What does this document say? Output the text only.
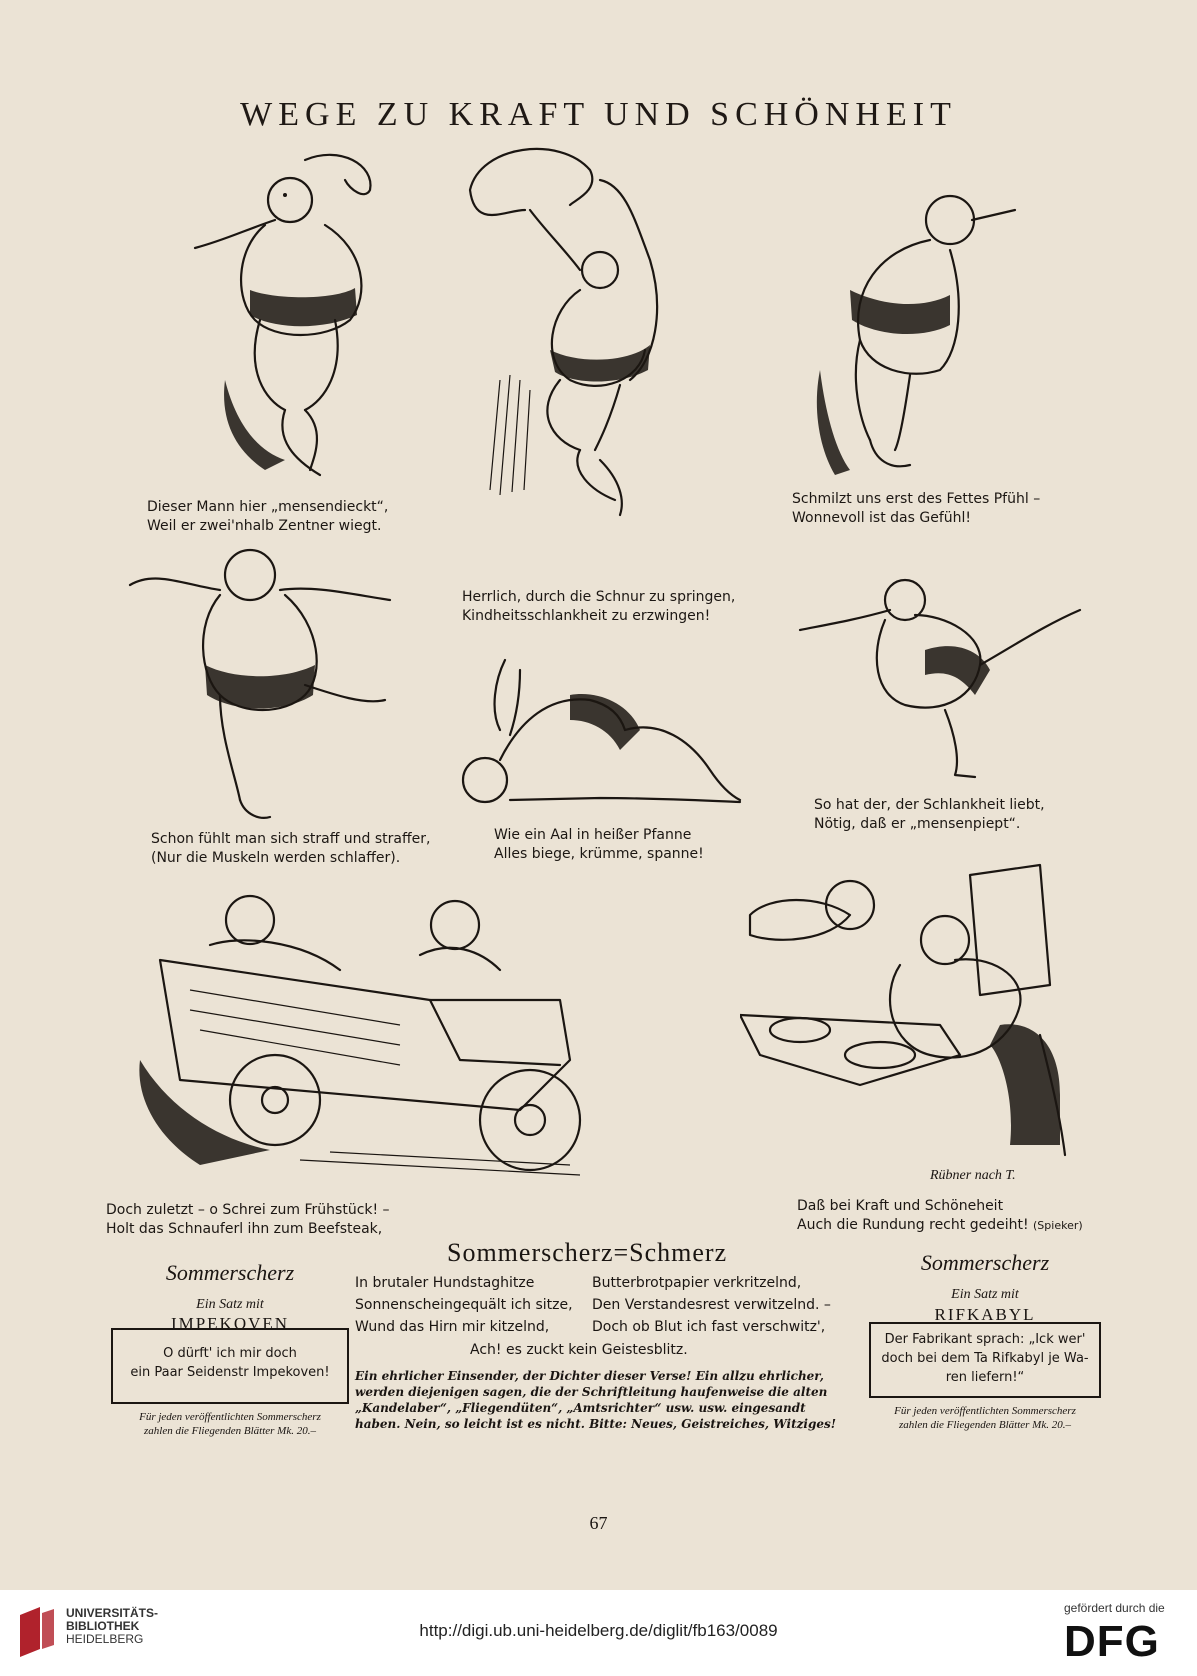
WEGE ZU KRAFT UND SCHÖNHEIT
Dieser Mann hier „mensendieckt“,
Weil er zwei'nhalb Zentner wiegt.
Herrlich, durch die Schnur zu springen,
Kindheitsschlankheit zu erzwingen!
Schmilzt uns erst des Fettes Pfühl –
Wonnevoll ist das Gefühl!
Schon fühlt man sich straff und straffer,
(Nur die Muskeln werden schlaffer).
Wie ein Aal in heißer Pfanne
Alles biege, krümme, spanne!
So hat der, der Schlankheit liebt,
Nötig, daß er „mensenpiept“.
Rübner nach T.
Doch zuletzt – o Schrei zum Frühstück! –
Holt das Schnauferl ihn zum Beefsteak,
Daß bei Kraft und Schöneheit
Auch die Rundung recht gedeiht! (Spieker)
Sommerscherz=Schmerz
In brutaler Hundstaghitze
Sonnenscheingequält ich sitze,
Wund das Hirn mir kitzelnd,
Butterbrotpapier verkritzelnd,
Den Verstandesrest verwitzelnd. –
Doch ob Blut ich fast verschwitz',
Ach! es zuckt kein Geistesblitz.
Ein ehrlicher Einsender, der Dichter dieser Verse! Ein allzu ehrlicher, werden diejenigen sagen, die der Schriftleitung haufenweise die alten „Kandelaber“, „Fliegendüten“, „Amtsrichter“ usw. usw. eingesandt haben. Nein, so leicht ist es nicht. Bitte: Neues, Geistreiches, Witziges!
Sommerscherz
Ein Satz mit
IMPEKOVEN
O dürft' ich mir doch
ein Paar Seidenstr Impekoven!
Für jeden veröffentlichten Sommerscherz
zahlen die Fliegenden Blätter Mk. 20.–
Sommerscherz
Ein Satz mit
RIFKABYL
Der Fabrikant sprach: „Ick wer'
doch bei dem Ta Rifkabyl je Wa-
ren liefern!“
Für jeden veröffentlichten Sommerscherz
zahlen die Fliegenden Blätter Mk. 20.–
67
UNIVERSITÄTS-
BIBLIOTHEK
HEIDELBERG	http://digi.ub.uni-heidelberg.de/diglit/fb163/0089
gefördert durch die
DFG
